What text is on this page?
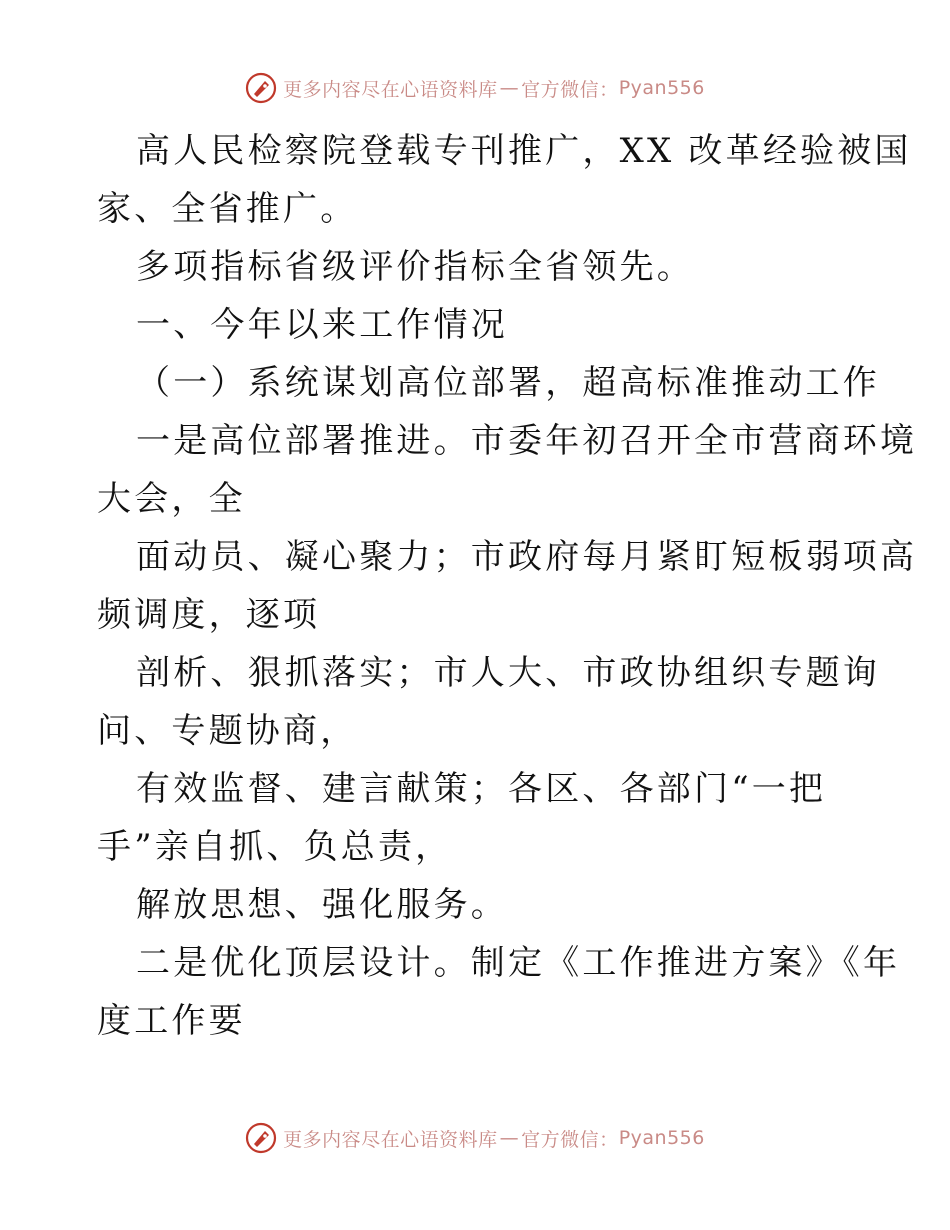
更多内容尽在心语资料库 — 官方微信： Pyan556
高人民检察院登载专刊推广，XX 改革经验被国
家、全省推广。
多项指标省级评价指标全省领先。
一、今年以来工作情况
（一）系统谋划高位部署，超高标准推动工作
一是高位部署推进。市委年初召开全市营商环境
大会，全
面动员、凝心聚力；市政府每月紧盯短板弱项高
频调度，逐项
剖析、狠抓落实；市人大、市政协组织专题询
问、专题协商，
有效监督、建言献策；各区、各部门“一把
手”亲自抓、负总责，
解放思想、强化服务。
二是优化顶层设计。制定《工作推进方案》《年
度工作要
更多内容尽在心语资料库 — 官方微信： Pyan556
